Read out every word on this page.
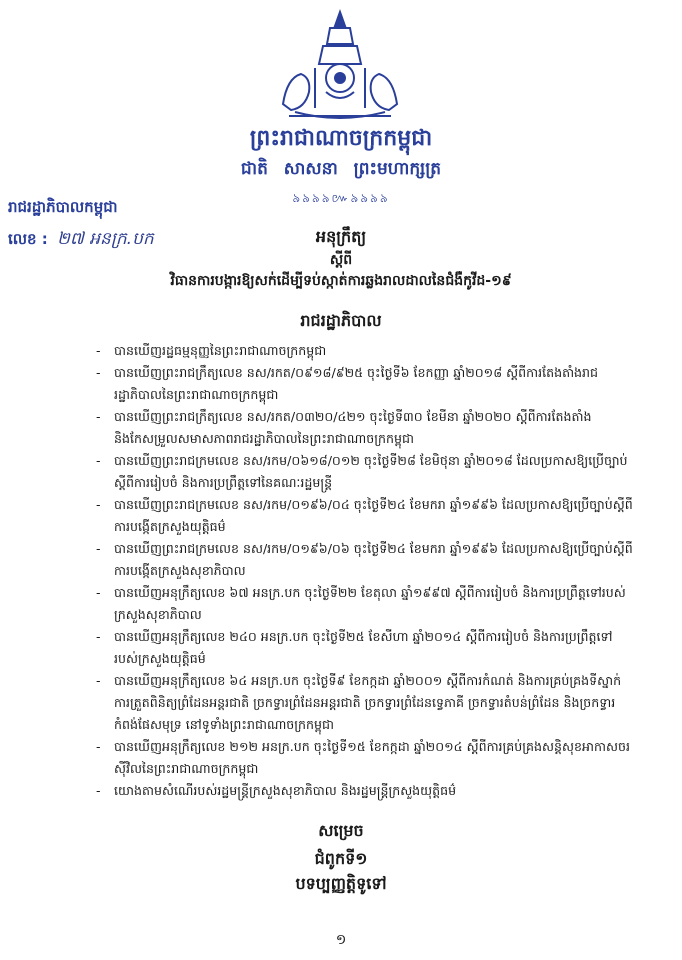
ព្រះរាជាណាចក្រកម្ពុជា
ជាតិ សាសនា ព្រះមហាក្សត្រ
৯৯৯৯៚৯৯৯৯
រាជរដ្ឋាភិបាលកម្ពុជា
លេខ : ២៧ អនក្រ.បក	អនុក្រឹត្យ
ស្តីពី
វិធានការបង្ការឱ្យសក់ដើម្បីទប់ស្កាត់ការឆ្លងរាលដាលនៃជំងឺកូវីដ-១៩
រាជរដ្ឋាភិបាល
-	បានឃើញរដ្ឋធម្មនុញ្ញនៃព្រះរាជាណាចក្រកម្ពុជា
-	បានឃើញព្រះរាជក្រឹត្យលេខ នស/រកត/០៩១៨/៩២៥ ចុះថ្ងៃទី៦ ខែកញ្ញា ឆ្នាំ២០១៨ ស្តីពីការតែងតាំងរាជរដ្ឋាភិបាលនៃព្រះរាជាណាចក្រកម្ពុជា
-	បានឃើញព្រះរាជក្រឹត្យលេខ នស/រកត/០៣២០/៤២១ ចុះថ្ងៃទី៣០ ខែមីនា ឆ្នាំ២០២០ ស្តីពីការតែងតាំង និងកែសម្រួលសមាសភាពរាជរដ្ឋាភិបាលនៃព្រះរាជាណាចក្រកម្ពុជា
-	បានឃើញព្រះរាជក្រមលេខ នស/រកម/០៦១៨/០១២ ចុះថ្ងៃទី២៨ ខែមិថុនា ឆ្នាំ២០១៨ ដែលប្រកាសឱ្យប្រើច្បាប់ស្តីពីការរៀបចំ និងការប្រព្រឹត្តទៅនៃគណៈរដ្ឋមន្ត្រី
-	បានឃើញព្រះរាជក្រមលេខ នស/រកម/០១៩៦/០៤ ចុះថ្ងៃទី២៤ ខែមករា ឆ្នាំ១៩៩៦ ដែលប្រកាសឱ្យប្រើច្បាប់ស្តីពីការបង្កើតក្រសួងយុត្តិធម៌
-	បានឃើញព្រះរាជក្រមលេខ នស/រកម/០១៩៦/០៦ ចុះថ្ងៃទី២៤ ខែមករា ឆ្នាំ១៩៩៦ ដែលប្រកាសឱ្យប្រើច្បាប់ស្តីពីការបង្កើតក្រសួងសុខាភិបាល
-	បានឃើញអនុក្រឹត្យលេខ ៦៧ អនក្រ.បក ចុះថ្ងៃទី២២ ខែតុលា ឆ្នាំ១៩៩៧ ស្តីពីការរៀបចំ និងការប្រព្រឹត្តទៅរបស់ក្រសួងសុខាភិបាល
-	បានឃើញអនុក្រឹត្យលេខ ២៤០ អនក្រ.បក ចុះថ្ងៃទី២៥ ខែសីហា ឆ្នាំ២០១៤ ស្តីពីការរៀបចំ និងការប្រព្រឹត្តទៅរបស់ក្រសួងយុត្តិធម៌
-	បានឃើញអនុក្រឹត្យលេខ ៦៤ អនក្រ.បក ចុះថ្ងៃទី៩ ខែកក្កដា ឆ្នាំ២០០១ ស្តីពីការកំណត់ និងការគ្រប់គ្រងទីស្នាក់ការត្រួតពិនិត្យព្រំដែនអន្តរជាតិ ច្រកទ្វារព្រំដែនអន្តរជាតិ ច្រកទ្វារព្រំដែនទ្វេភាគី ច្រកទ្វារតំបន់ព្រំដែន និងច្រកទ្វារកំពង់ផែសមុទ្រ នៅទូទាំងព្រះរាជាណាចក្រកម្ពុជា
-	បានឃើញអនុក្រឹត្យលេខ ២១២ អនក្រ.បក ចុះថ្ងៃទី១៥ ខែកក្កដា ឆ្នាំ២០១៤ ស្តីពីការគ្រប់គ្រងសន្តិសុខអាកាសចរស៊ីវិលនៃព្រះរាជាណាចក្រកម្ពុជា
-	យោងតាមសំណើរបស់រដ្ឋមន្ត្រីក្រសួងសុខាភិបាល និងរដ្ឋមន្ត្រីក្រសួងយុត្តិធម៌
សម្រេច
ជំពូកទី១
បទប្បញ្ញត្តិទូទៅ
១
